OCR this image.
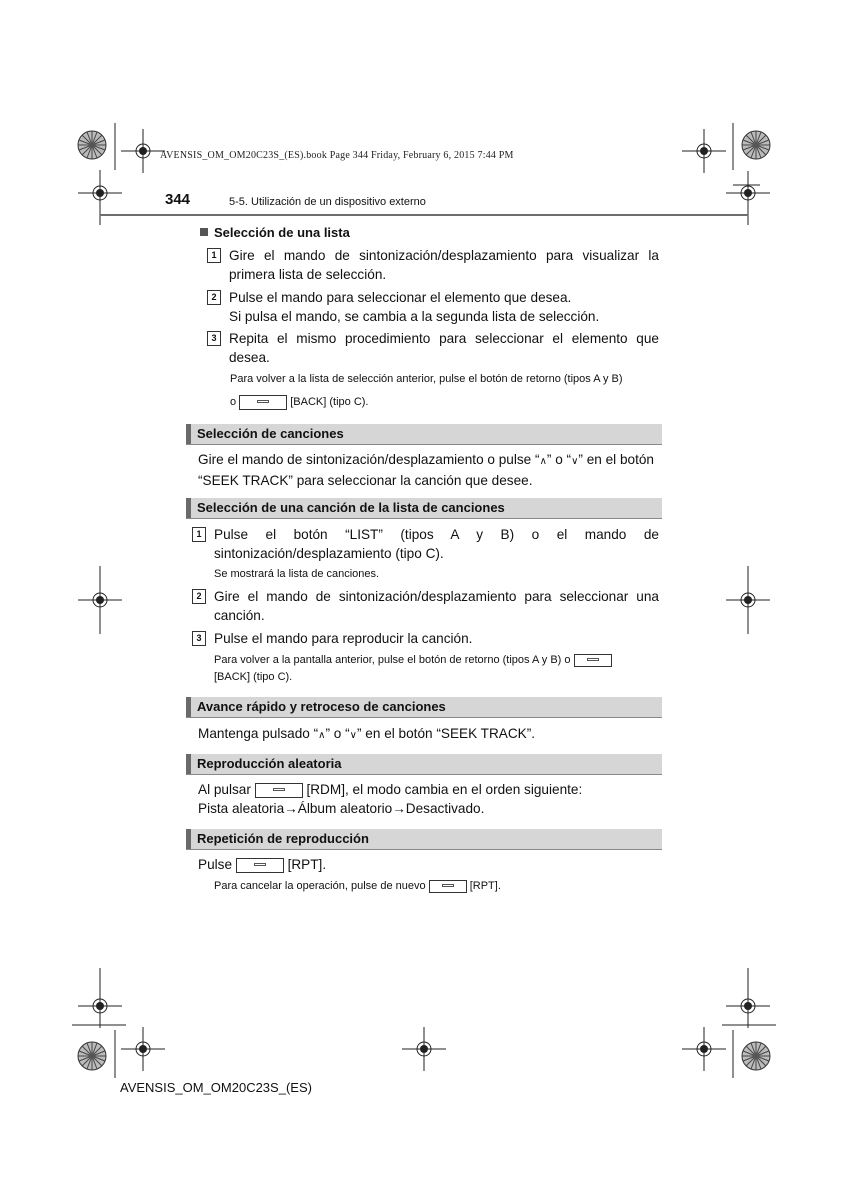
AVENSIS_OM_OM20C23S_(ES).book Page 344 Friday, February 6, 2015 7:44 PM
344	5-5. Utilización de un dispositivo externo
Selección de una lista
1 Gire el mando de sintonización/desplazamiento para visualizar la primera lista de selección.
2 Pulse el mando para seleccionar el elemento que desea.
Si pulsa el mando, se cambia a la segunda lista de selección.
3 Repita el mismo procedimiento para seleccionar el elemento que desea.
Para volver a la lista de selección anterior, pulse el botón de retorno (tipos A y B)
o	[BACK] (tipo C).
Selección de canciones
Gire el mando de sintonización/desplazamiento o pulse “∧” o “∨” en el botón
“SEEK TRACK” para seleccionar la canción que desee.
Selección de una canción de la lista de canciones
1 Pulse el botón “LIST” (tipos A y B) o el mando de sintonización/desplazamiento (tipo C).
Se mostrará la lista de canciones.
2 Gire el mando de sintonización/desplazamiento para seleccionar una canción.
3 Pulse el mando para reproducir la canción.
Para volver a la pantalla anterior, pulse el botón de retorno (tipos A y B) o
[BACK] (tipo C).
Avance rápido y retroceso de canciones
Mantenga pulsado “∧” o “∨” en el botón “SEEK TRACK”.
Reproducción aleatoria
Al pulsar	[RDM], el modo cambia en el orden siguiente:
Pista aleatoria→Álbum aleatorio→Desactivado.
Repetición de reproducción
Pulse	[RPT].
Para cancelar la operación, pulse de nuevo	[RPT].
AVENSIS_OM_OM20C23S_(ES)
